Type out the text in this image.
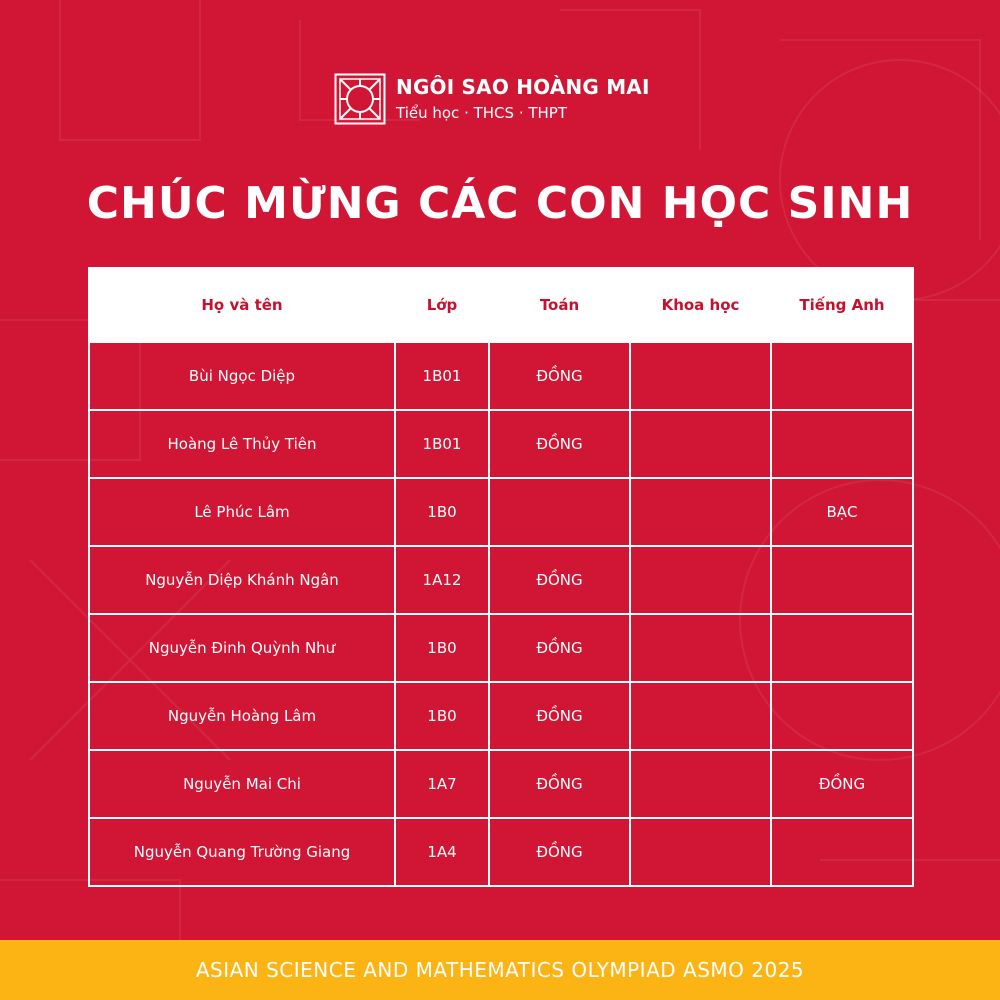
NGÔI SAO HOÀNG MAI
Tiểu học · THCS · THPT
CHÚC MỪNG CÁC CON HỌC SINH
Họ và tên	Lớp	Toán	Khoa học	Tiếng Anh
Bùi Ngọc Diệp	1B01	ĐỒNG		
Hoàng Lê Thủy Tiên	1B01	ĐỒNG		
Lê Phúc Lâm	1B0			BẠC
Nguyễn Diệp Khánh Ngân	1A12	ĐỒNG		
Nguyễn Đinh Quỳnh Như	1B0	ĐỒNG		
Nguyễn Hoàng Lâm	1B0	ĐỒNG		
Nguyễn Mai Chi	1A7	ĐỒNG		ĐỒNG
Nguyễn Quang Trường Giang	1A4	ĐỒNG		
ASIAN SCIENCE AND MATHEMATICS OLYMPIAD ASMO 2025
